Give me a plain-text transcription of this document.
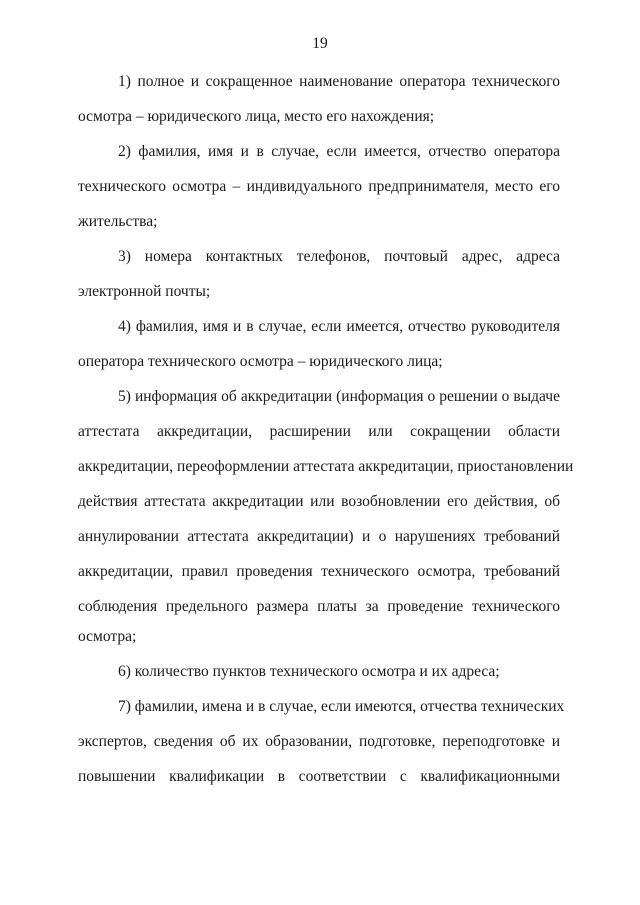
19
1) полное и сокращенное наименование оператора технического
осмотра – юридического лица, место его нахождения;
2) фамилия, имя и в случае, если имеется, отчество оператора
технического осмотра – индивидуального предпринимателя, место его
жительства;
3) номера контактных телефонов, почтовый адрес, адреса
электронной почты;
4) фамилия, имя и в случае, если имеется, отчество руководителя
оператора технического осмотра – юридического лица;
5) информация об аккредитации (информация о решении о выдаче
аттестата аккредитации, расширении или сокращении области
аккредитации, переоформлении аттестата аккредитации, приостановлении
действия аттестата аккредитации или возобновлении его действия, об
аннулировании аттестата аккредитации) и о нарушениях требований
аккредитации, правил проведения технического осмотра, требований
соблюдения предельного размера платы за проведение технического
осмотра;
6) количество пунктов технического осмотра и их адреса;
7) фамилии, имена и в случае, если имеются, отчества технических
экспертов, сведения об их образовании, подготовке, переподготовке и
повышении квалификации в соответствии с квалификационными
